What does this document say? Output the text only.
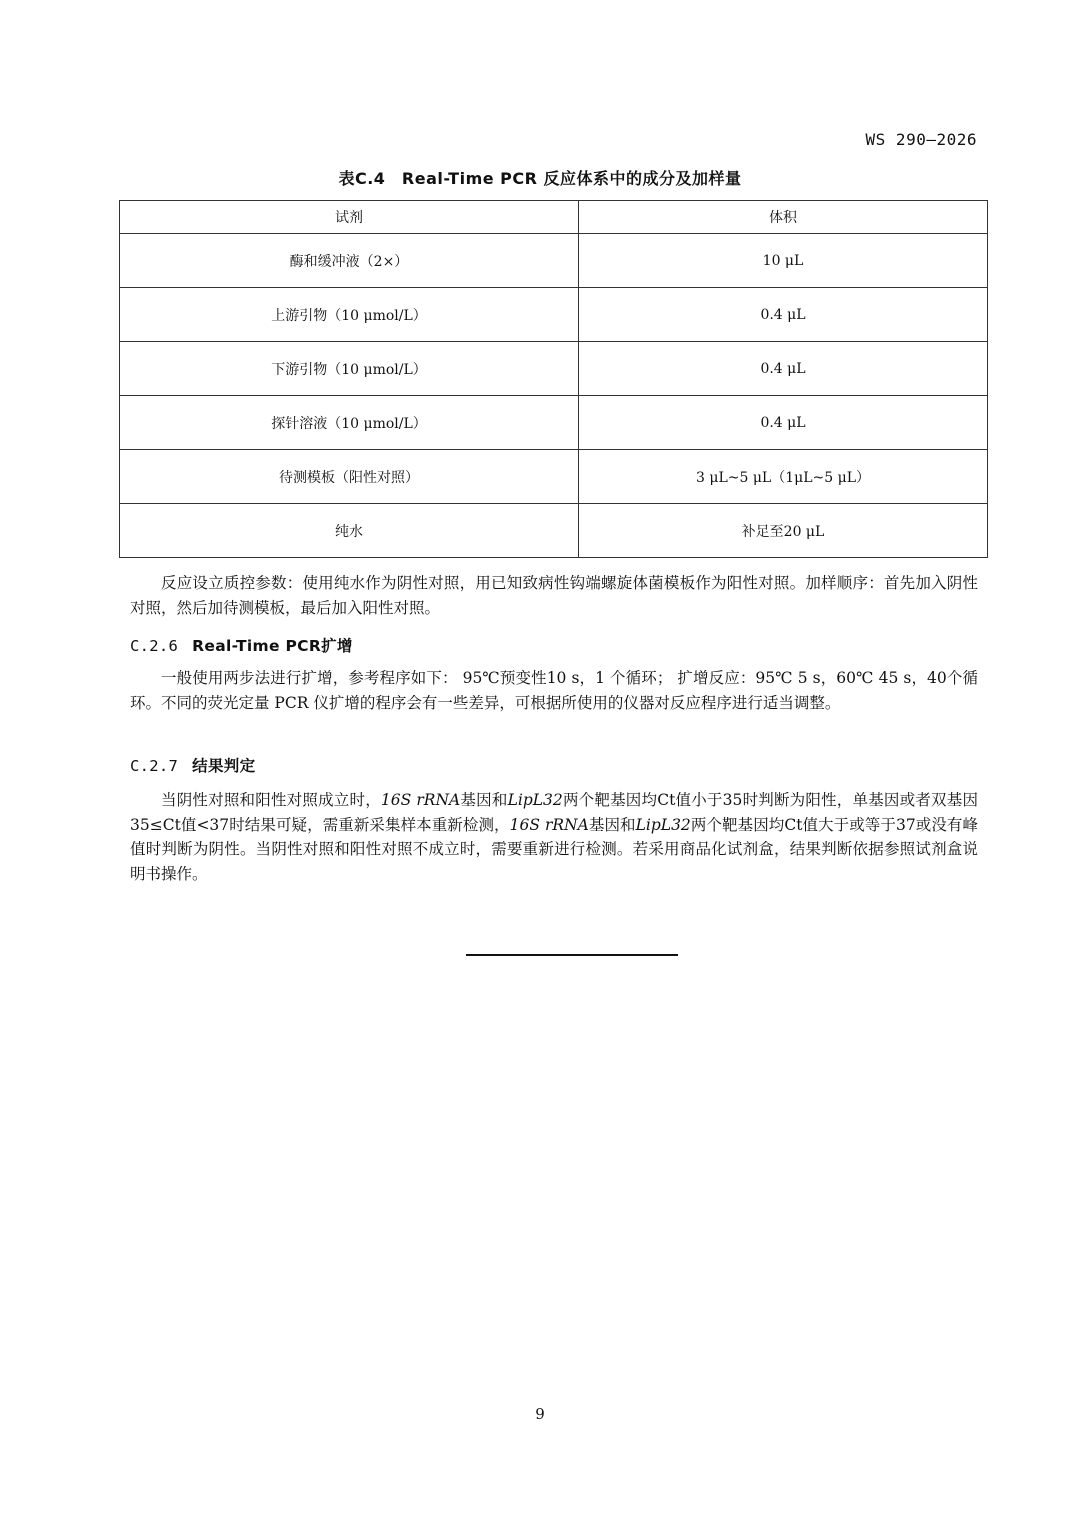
WS 290—2026
表C.4　Real-Time PCR 反应体系中的成分及加样量
试剂	体积
酶和缓冲液（2×）	10 μL
上游引物（10 μmol/L）	0.4 μL
下游引物（10 μmol/L）	0.4 μL
探针溶液（10 μmol/L）	0.4 μL
待测模板（阳性对照）	3 μL~5 μL（1μL~5 μL）
纯水	补足至20 μL

反应设立质控参数：使用纯水作为阴性对照，用已知致病性钩端螺旋体菌模板作为阳性对照。加样顺序：首先加入阴性对照，然后加待测模板，最后加入阳性对照。

C.2.6 Real-Time PCR扩增

一般使用两步法进行扩增，参考程序如下： 95℃预变性10 s，1 个循环； 扩增反应：95℃ 5 s，60℃ 45 s，40个循环。不同的荧光定量 PCR 仪扩增的程序会有一些差异，可根据所使用的仪器对反应程序进行适当调整。

C.2.7 结果判定

当阴性对照和阳性对照成立时，16S rRNA基因和LipL32两个靶基因均Ct值小于35时判断为阳性，单基因或者双基因35≤Ct值<37时结果可疑，需重新采集样本重新检测，16S rRNA基因和LipL32两个靶基因均Ct值大于或等于37或没有峰值时判断为阴性。当阴性对照和阳性对照不成立时，需要重新进行检测。若采用商品化试剂盒，结果判断依据参照试剂盒说明书操作。

9
